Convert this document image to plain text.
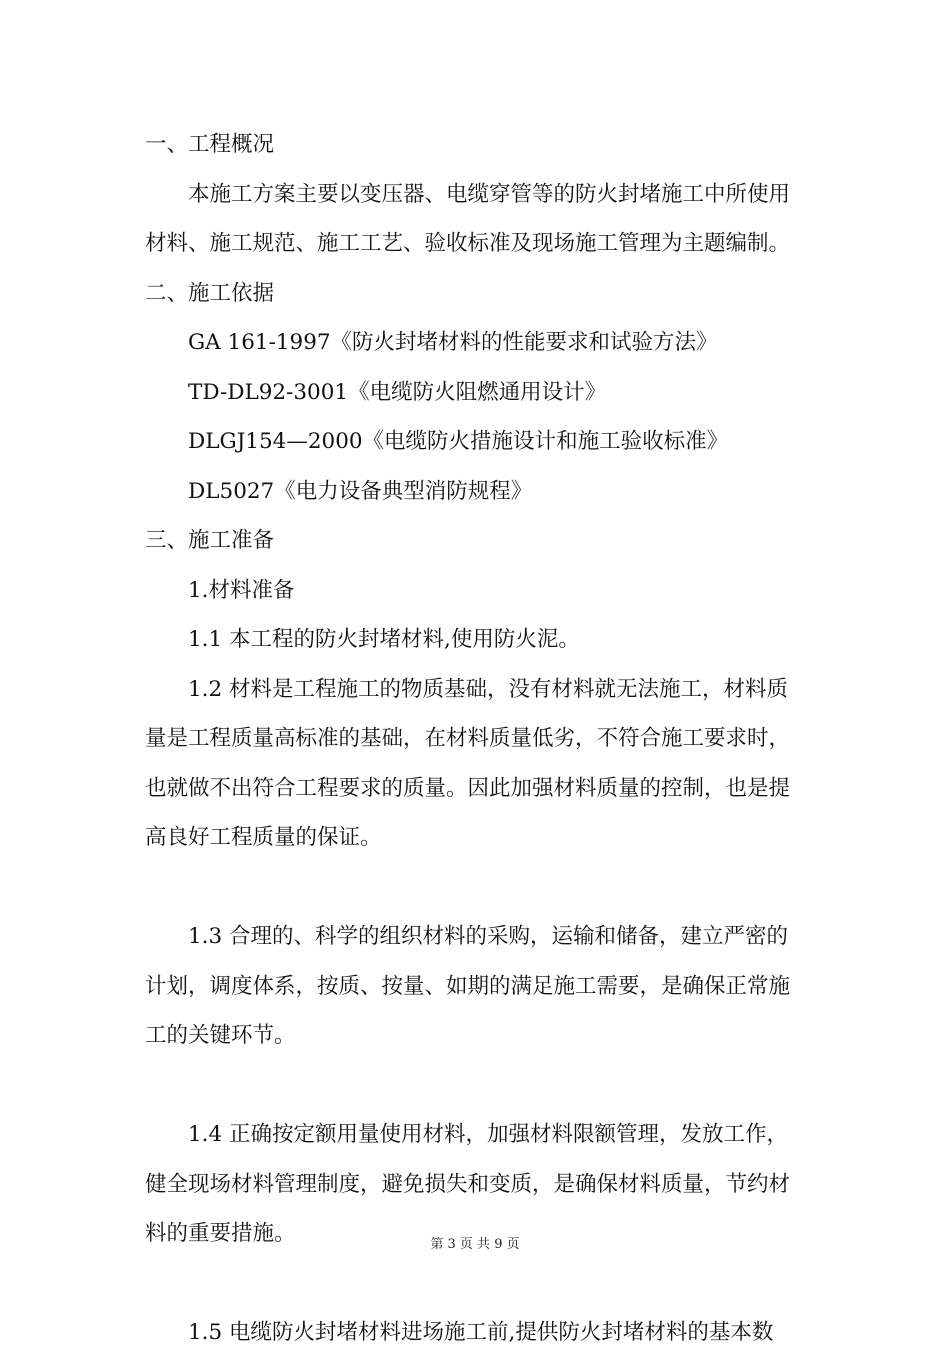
一、工程概况
本施工方案主要以变压器、电缆穿管等的防火封堵施工中所使用
材料、施工规范、施工工艺、验收标准及现场施工管理为主题编制。
二、施工依据
GA 161-1997《防火封堵材料的性能要求和试验方法》
TD-DL92-3001《电缆防火阻燃通用设计》
DLGJ154—2000《电缆防火措施设计和施工验收标准》
DL5027《电力设备典型消防规程》
三、施工准备
1.材料准备
1.1 本工程的防火封堵材料,使用防火泥。
1.2 材料是工程施工的物质基础，没有材料就无法施工，材料质
量是工程质量高标准的基础，在材料质量低劣，不符合施工要求时，
也就做不出符合工程要求的质量。因此加强材料质量的控制，也是提
高良好工程质量的保证。

1.3 合理的、科学的组织材料的采购，运输和储备，建立严密的
计划，调度体系，按质、按量、如期的满足施工需要，是确保正常施
工的关键环节。

1.4 正确按定额用量使用材料，加强材料限额管理，发放工作，
健全现场材料管理制度，避免损失和变质，是确保材料质量，节约材
料的重要措施。

1.5 电缆防火封堵材料进场施工前,提供防火封堵材料的基本数
第 3 页 共 9 页
